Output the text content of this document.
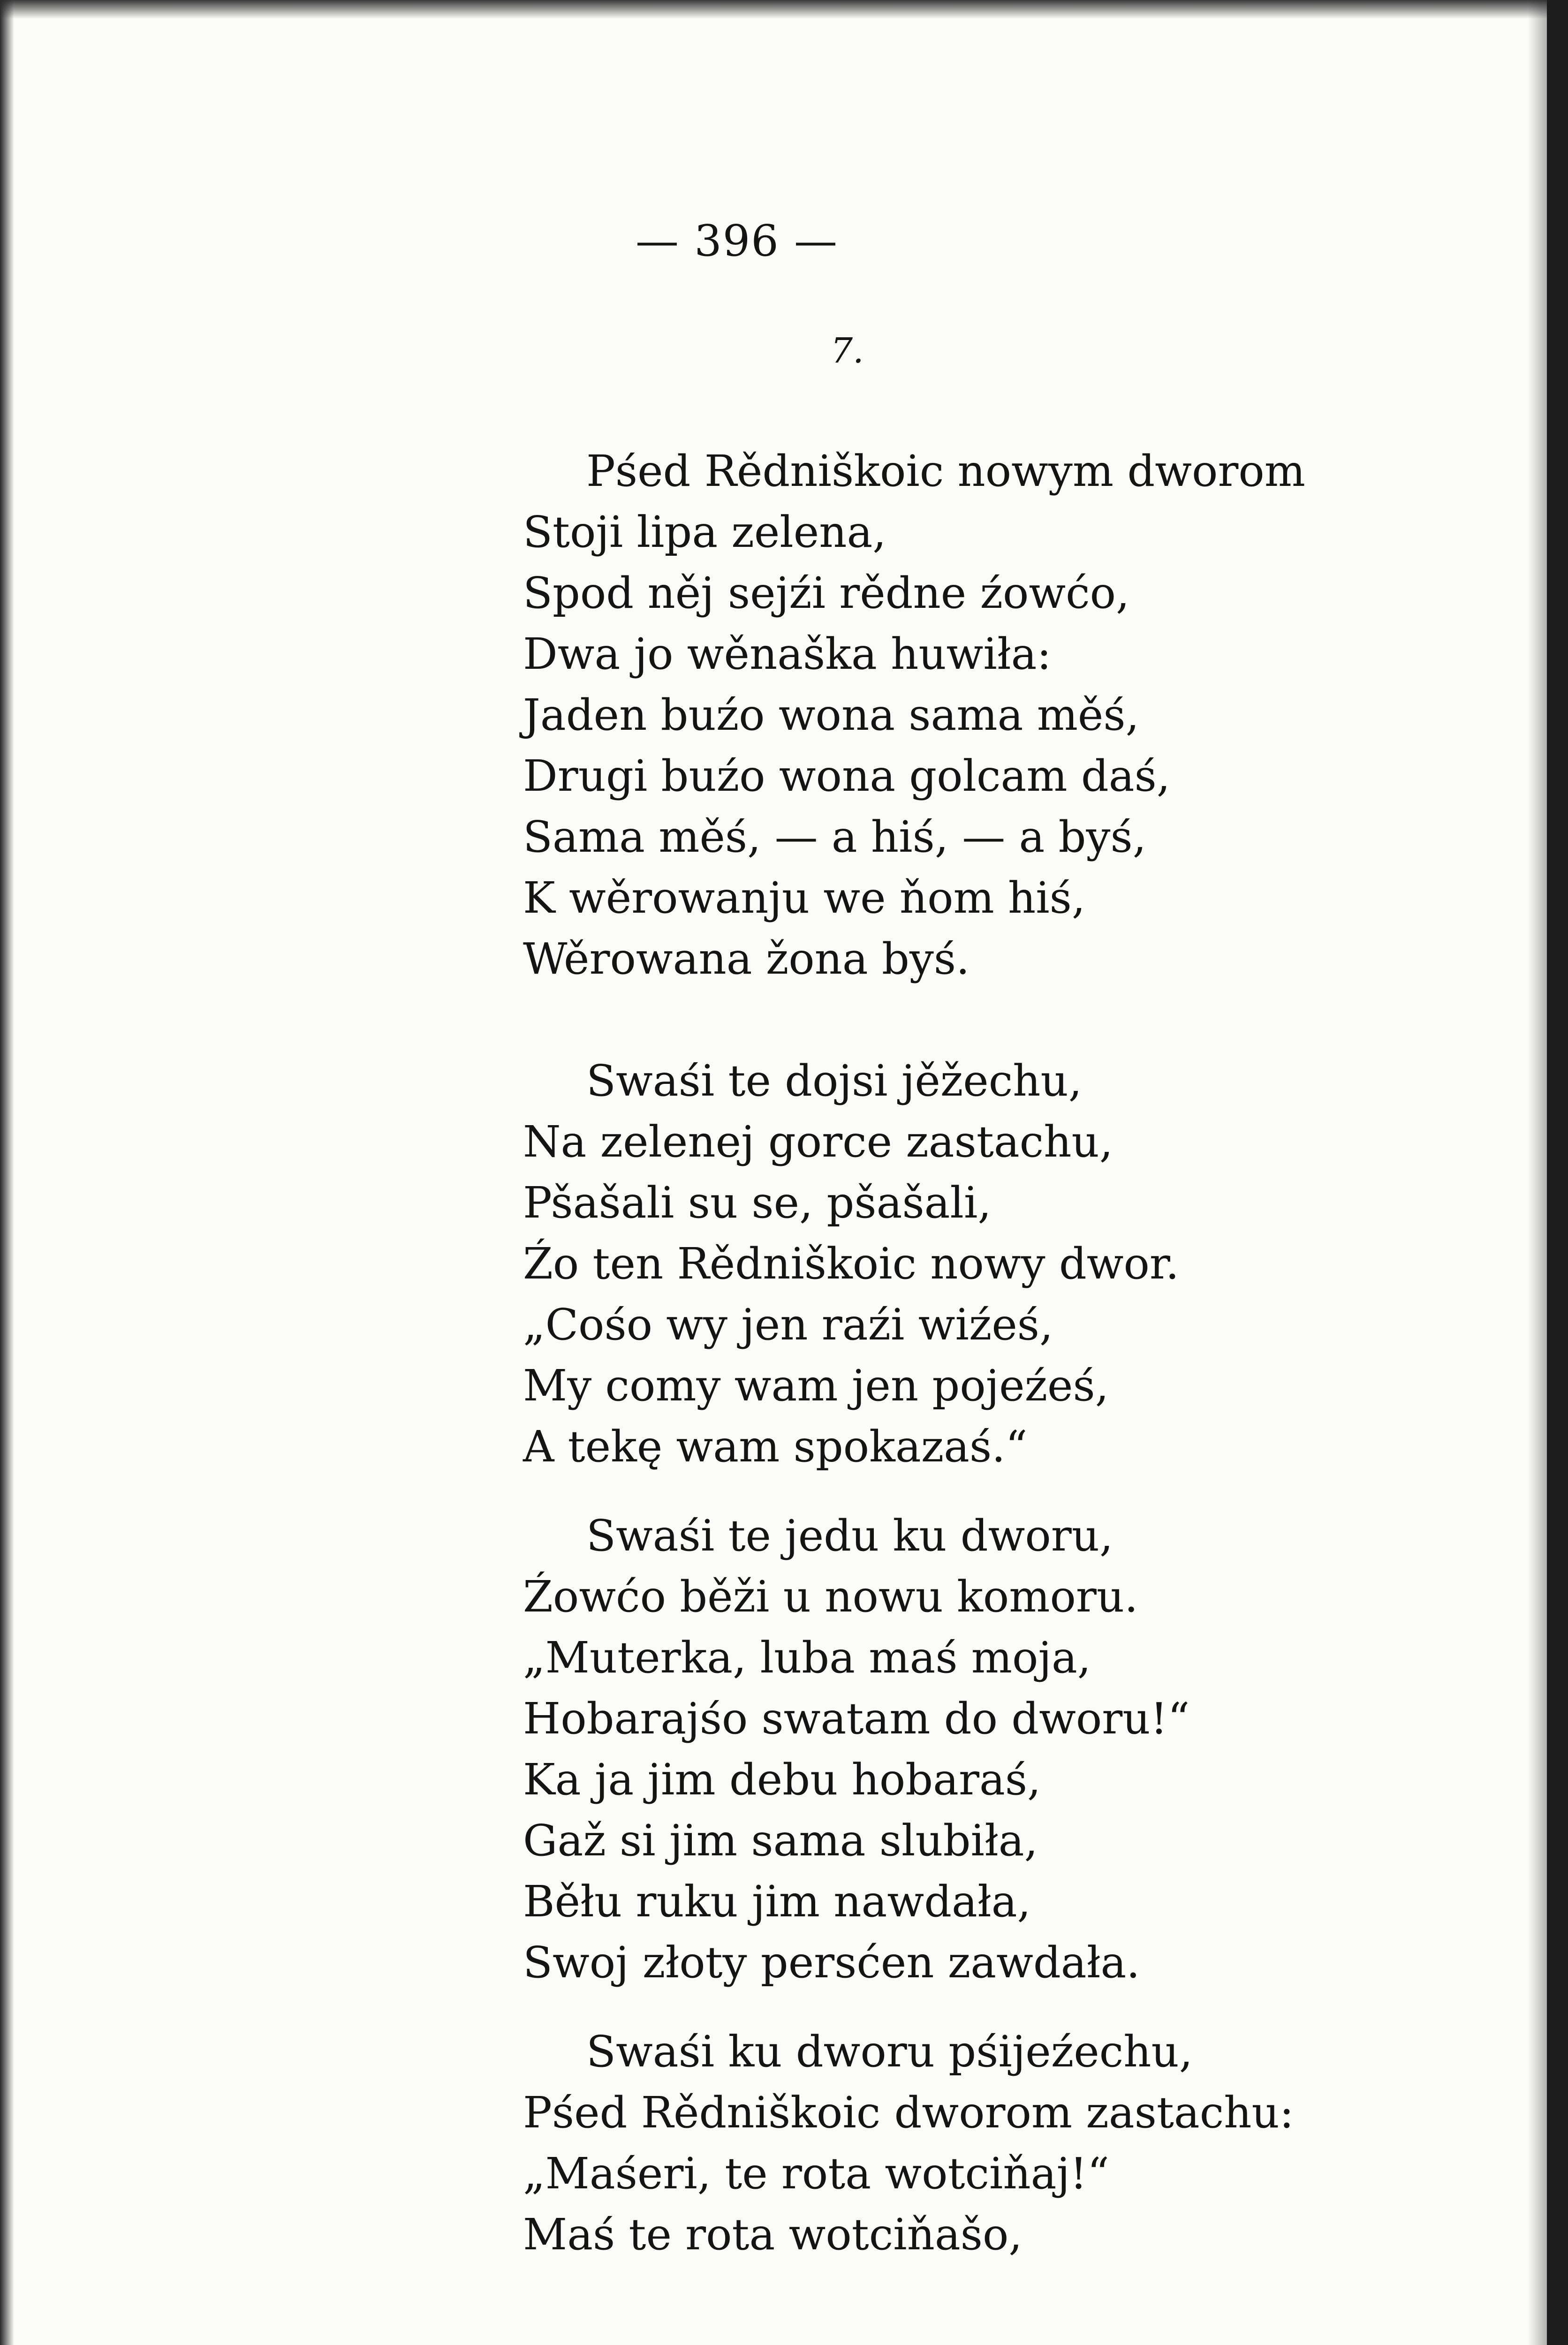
— 396 —
7.
Pśed Rědniškoic nowym dworom
Stoji lipa zelena,
Spod něj sejźi rědne źowćo,
Dwa jo wěnaška huwiła:
Jaden buźo wona sama měś,
Drugi buźo wona golcam daś,
Sama měś, — a hiś, — a byś,
K wěrowanju we ňom hiś,
Wěrowana žona byś.
Swaśi te dojsi jěžechu,
Na zelenej gorce zastachu,
Pšašali su se, pšašali,
Źo ten Rědniškoic nowy dwor.
„Cośo wy jen raźi wiźeś,
My comy wam jen pojeźeś,
A tekę wam spokazaś.“
Swaśi te jedu ku dworu,
Źowćo běži u nowu komoru.
„Muterka, luba maś moja,
Hobarajśo swatam do dworu!“
Ka ja jim debu hobaraś,
Gaž si jim sama slubiła,
Běłu ruku jim nawdała,
Swoj złoty persćen zawdała.
Swaśi ku dworu pśijeźechu,
Pśed Rědniškoic dworom zastachu:
„Maśeri, te rota wotciňaj!“
Maś te rota wotciňašo,
